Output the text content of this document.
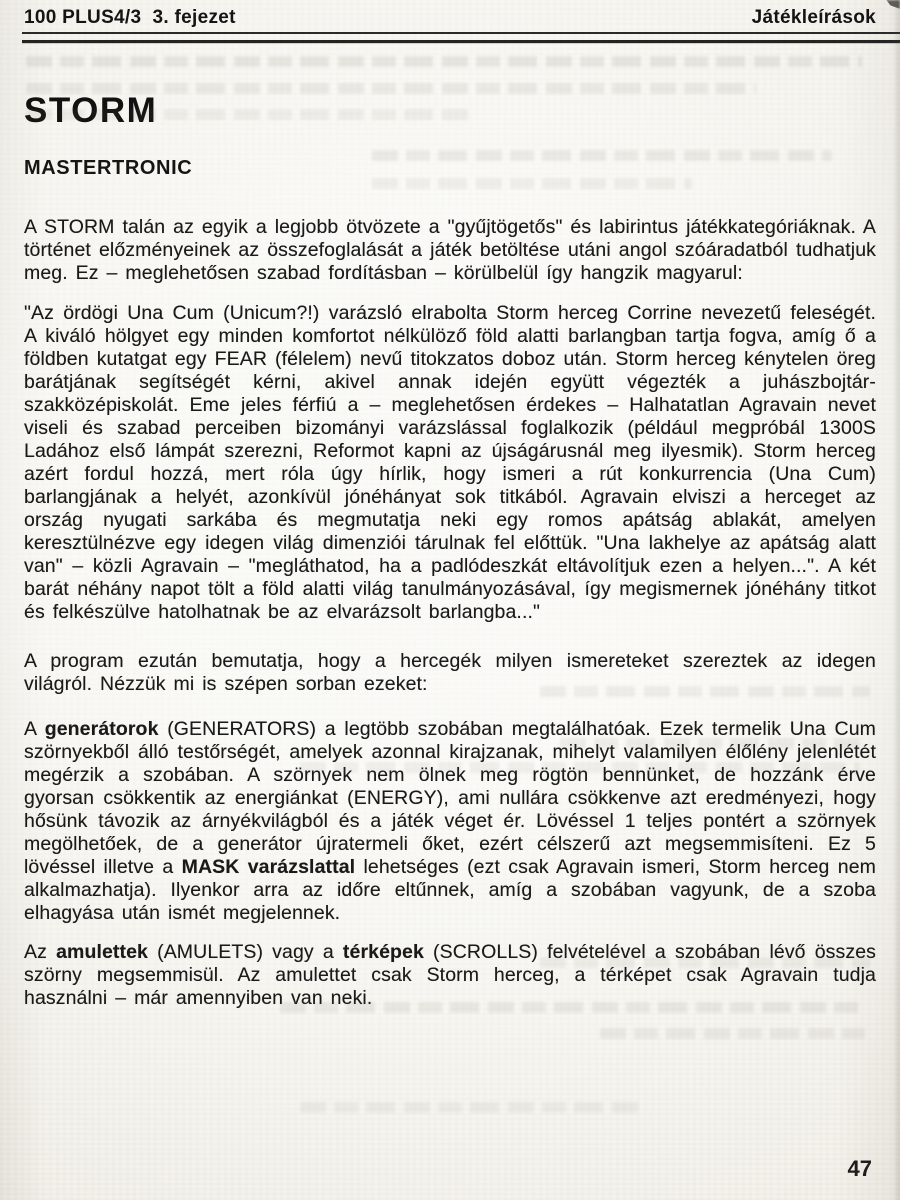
100 PLUS4/3  3. fejezet	Játékleírások
STORM
MASTERTRONIC

A STORM talán az egyik a legjobb ötvözete a "gyűjtögetős" és labirintus játékkategóriáknak. A történet előzményeinek az összefoglalását a játék betöltése utáni angol szóáradatból tudhatjuk meg. Ez – meglehetősen szabad fordításban – körülbelül így hangzik magyarul:

"Az ördögi Una Cum (Unicum?!) varázsló elrabolta Storm herceg Corrine nevezetű feleségét. A kiváló hölgyet egy minden komfortot nélkülöző föld alatti barlangban tartja fogva, amíg ő a földben kutatgat egy FEAR (félelem) nevű titokzatos doboz után. Storm herceg kénytelen öreg barátjának segítségét kérni, akivel annak idején együtt végezték a juhászbojtár-szakközépiskolát. Eme jeles férfiú a – meglehetősen érdekes – Halhatatlan Agravain nevet viseli és szabad perceiben bizományi varázslással foglalkozik (például megpróbál 1300S Ladához első lámpát szerezni, Reformot kapni az újságárusnál meg ilyesmik). Storm herceg azért fordul hozzá, mert róla úgy hírlik, hogy ismeri a rút konkurrencia (Una Cum) barlangjának a helyét, azonkívül jónéhányat sok titkából. Agravain elviszi a herceget az ország nyugati sarkába és megmutatja neki egy romos apátság ablakát, amelyen keresztülnézve egy idegen világ dimenziói tárulnak fel előttük. "Una lakhelye az apátság alatt van" – közli Agravain – "megláthatod, ha a padlódeszkát eltávolítjuk ezen a helyen...". A két barát néhány napot tölt a föld alatti világ tanulmányozásával, így megismernek jónéhány titkot és felkészülve hatolhatnak be az elvarázsolt barlangba..."

A program ezután bemutatja, hogy a hercegék milyen ismereteket szereztek az idegen világról. Nézzük mi is szépen sorban ezeket:

A generátorok (GENERATORS) a legtöbb szobában megtalálhatóak. Ezek termelik Una Cum szörnyekből álló testőrségét, amelyek azonnal kirajzanak, mihelyt valamilyen élőlény jelenlétét megérzik a szobában. A szörnyek nem ölnek meg rögtön bennünket, de hozzánk érve gyorsan csökkentik az energiánkat (ENERGY), ami nullára csökkenve azt eredményezi, hogy hősünk távozik az árnyékvilágból és a játék véget ér. Lövéssel 1 teljes pontért a szörnyek megölhetőek, de a generátor újratermeli őket, ezért célszerű azt megsemmisíteni. Ez 5 lövéssel illetve a MASK varázslattal lehetséges (ezt csak Agravain ismeri, Storm herceg nem alkalmazhatja). Ilyenkor arra az időre eltűnnek, amíg a szobában vagyunk, de a szoba elhagyása után ismét megjelennek.

Az amulettek (AMULETS) vagy a térképek (SCROLLS) felvételével a szobában lévő összes szörny megsemmisül. Az amulettet csak Storm herceg, a térképet csak Agravain tudja használni – már amennyiben van neki.

47
